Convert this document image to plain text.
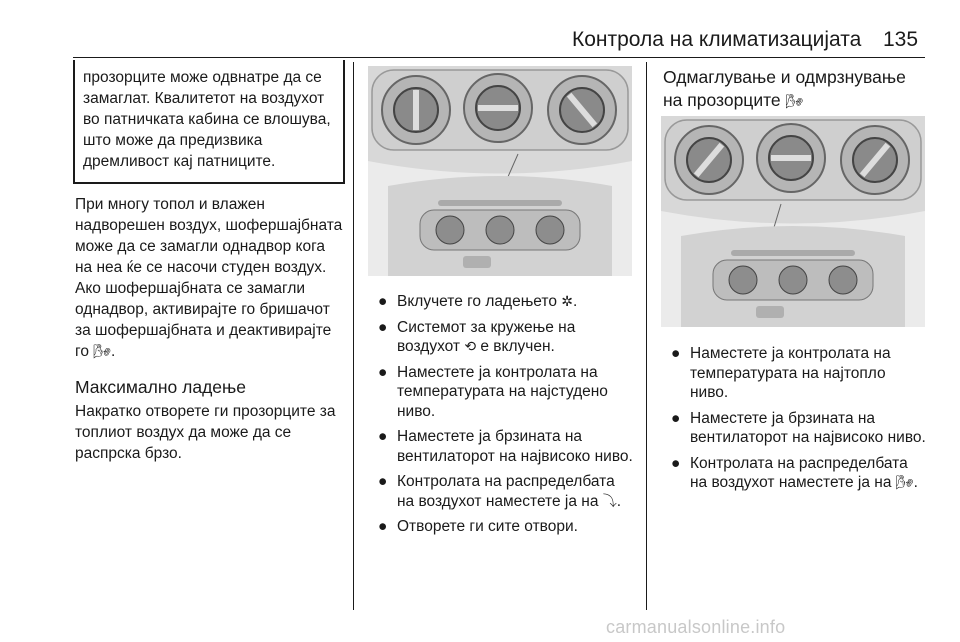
Контрола на климатизацијата 135
прозорците може одвнатре да се замаглат. Квалитетот на воздухот во патничката кабина се влошува, што може да предизвика дремливост кај патниците.

При многу топол и влажен надворешен воздух, шофершајбната може да се замагли однадвор кога на неа ќе се насочи студен воздух. Ако шофершајбната се замагли однадвор, активирајте го бришачот за шофершајбната и деактивирајте го 🌬.

Максимално ладење

Накратко отворете ги прозорците за топлиот воздух да може да се распрска брзо.

● Вклучете го ладењето ✲.
● Системот за кружење на воздухот ⟲ е вклучен.
● Наместете ја контролата на температурата на најстудено ниво.
● Наместете ја брзината на вентилаторот на највисоко ниво.
● Контролата на распределбата на воздухот наместете ја на ⤵.
● Отворете ги сите отвори.
Одмаглување и одмрзнување на прозорците 🌬
● Наместете ја контролата на температурата на најтопло ниво.
● Наместете ја брзината на вентилаторот на највисоко ниво.
● Контролата на распределбата на воздухот наместете ја на 🌬.
carmanualsonline.info
